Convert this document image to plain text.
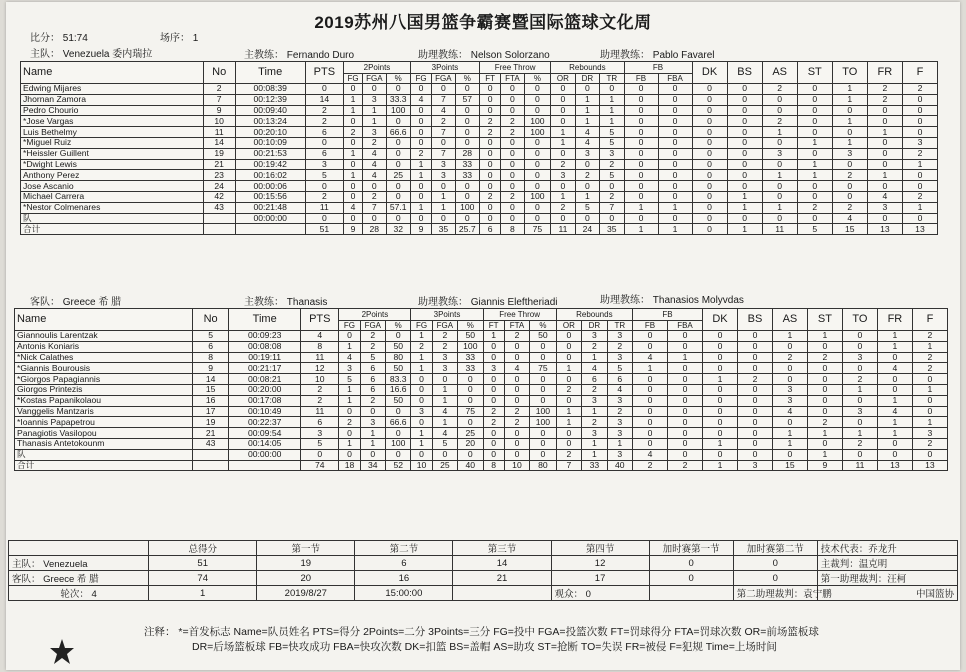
2019苏州八国男篮争霸赛暨国际篮球文化周
比分： 51:74	场序： 1
主队： Venezuela 委内瑞拉	主教练： Fernando Duro	助理教练： Nelson Solorzano	助理教练： Pablo Favarel
Name	No	Time	PTS	2Points			3Points			Free Throw			Rebounds			FB		DK	BS	AS	ST	TO	FR	F
				FG	FGA	%	FG	FGA	%	FT	FTA	%	OR	DR	TR	FB	FBA							
Edwing Mijares	2	00:08:39	0	0	0	0	0	0	0	0	0	0	0	0	0	0	0	0	0	2	0	1	2	2
Jhornan Zamora	7	00:12:39	14	1	3	33.3	4	7	57	0	0	0	0	1	1	0	0	0	0	0	0	1	2	0
Pedro Chourio	9	00:09:40	2	1	1	100	0	4	0	0	0	0	0	1	1	0	0	0	0	0	0	0	0	0
*Jose Vargas	10	00:13:24	2	0	1	0	0	2	0	2	2	100	0	1	1	0	0	0	0	2	0	1	0	0
Luis Bethelmy	11	00:20:10	6	2	3	66.6	0	7	0	2	2	100	1	4	5	0	0	0	0	1	0	0	1	0
*Miguel Ruiz	14	00:10:09	0	0	2	0	0	0	0	0	0	0	1	4	5	0	0	0	0	0	1	1	0	3
*Heissler Guillent	19	00:21:53	6	1	4	0	2	7	28	0	0	0	0	3	3	0	0	0	0	3	0	3	0	2
*Dwight Lewis	21	00:19:42	3	0	4	0	1	3	33	0	0	0	2	0	2	0	0	0	0	0	1	0	0	1
Anthony Perez	23	00:16:02	5	1	4	25	1	3	33	0	0	0	3	2	5	0	0	0	0	1	1	2	1	0
Jose Ascanio	24	00:00:06	0	0	0	0	0	0	0	0	0	0	0	0	0	0	0	0	0	0	0	0	0	0
Michael Carrera	42	00:15:56	2	0	2	0	0	1	0	2	2	100	1	1	2	0	0	0	1	0	0	0	4	2
*Nestor Colmenares	43	00:21:48	11	4	7	57.1	1	1	100	0	0	0	2	5	7	1	1	0	1	1	2	2	3	1
队		00:00:00	0	0	0	0	0	0	0	0	0	0	0	0	0	0	0	0	0	0	0	4	0	0
合计			51	9	28	32	9	35	25.7	6	8	75	11	24	35	1	1	0	1	11	5	15	13	13
客队： Greece 希 腊	主教练： Thanasis	助理教练： Giannis Eleftheriadi	助理教练： Thanasios Molyvdas
Name	No	Time	PTS	2Points			3Points			Free Throw			Rebounds			FB		DK	BS	AS	ST	TO	FR	F
				FG	FGA	%	FG	FGA	%	FT	FTA	%	OR	DR	TR	FB	FBA							
Giannoulis Larentzak	5	00:09:23	4	0	2	0	1	2	50	1	2	50	0	3	3	0	0	0	0	1	1	0	1	2
Antonis Koniaris	6	00:08:08	8	1	2	50	2	2	100	0	0	0	0	2	2	0	0	0	0	0	0	0	1	1
*Nick Calathes	8	00:19:11	11	4	5	80	1	3	33	0	0	0	0	1	3	4	1	0	0	2	2	3	0	2
*Giannis Bourousis	9	00:21:17	12	3	6	50	1	3	33	3	4	75	1	4	5	1	0	0	0	0	0	0	4	2
*Giorgos Papagiannis	14	00:08:21	10	5	6	83.3	0	0	0	0	0	0	0	6	6	0	0	1	2	0	0	2	0	0
Giorgos Printezis	15	00:20:00	2	1	6	16.6	0	1	0	0	0	0	2	2	4	0	0	0	0	3	0	1	0	1
*Kostas Papanikolaou	16	00:17:08	2	1	2	50	0	1	0	0	0	0	0	3	3	0	0	0	0	3	0	0	1	0
Vanggelis Mantzaris	17	00:10:49	11	0	0	0	3	4	75	2	2	100	1	1	2	0	0	0	0	4	0	3	4	0
*Ioannis Papapetrou	19	00:22:37	6	2	3	66.6	0	1	0	2	2	100	1	2	3	0	0	0	0	0	2	0	1	1
Panagiotis Vasilopou	21	00:09:54	3	0	1	0	1	4	25	0	0	0	0	3	3	0	0	0	0	1	1	1	1	3
Thanasis Antetokounm	43	00:14:05	5	1	1	100	1	5	20	0	0	0	0	1	1	0	0	1	0	1	0	2	0	2
队		00:00:00	0	0	0	0	0	0	0	0	0	0	2	1	3	4	0	0	0	0	1	0	0	0
合计			74	18	34	52	10	25	40	8	10	80	7	33	40	2	2	1	3	15	9	11	13	13
	总得分	第一节	第二节	第三节	第四节	加时赛第一节	加时赛第二节	技术代表：乔龙升
主队： Venezuela	51	19	6	14	12	0	0	主裁判：温克明
客队： Greece 希 腊	74	20	16	21	17	0	0	第一助理裁判：汪柯
轮次： 4	1	2019/8/27	15:00:00		观众： 0		第二助理裁判：袁宁鹏	中国篮协
注释： *=首发标志 Name=队员姓名 PTS=得分 2Points=二分 3Points=三分 FG=投中 FGA=投篮次数 FT=罚球得分 FTA=罚球次数 OR=前场篮板球
DR=后场篮板球 FB=快攻成功 FBA=快攻次数 DK=扣篮 BS=盖帽 AS=助攻 ST=抢断 TO=失误 FR=被侵 F=犯规 Time=上场时间
